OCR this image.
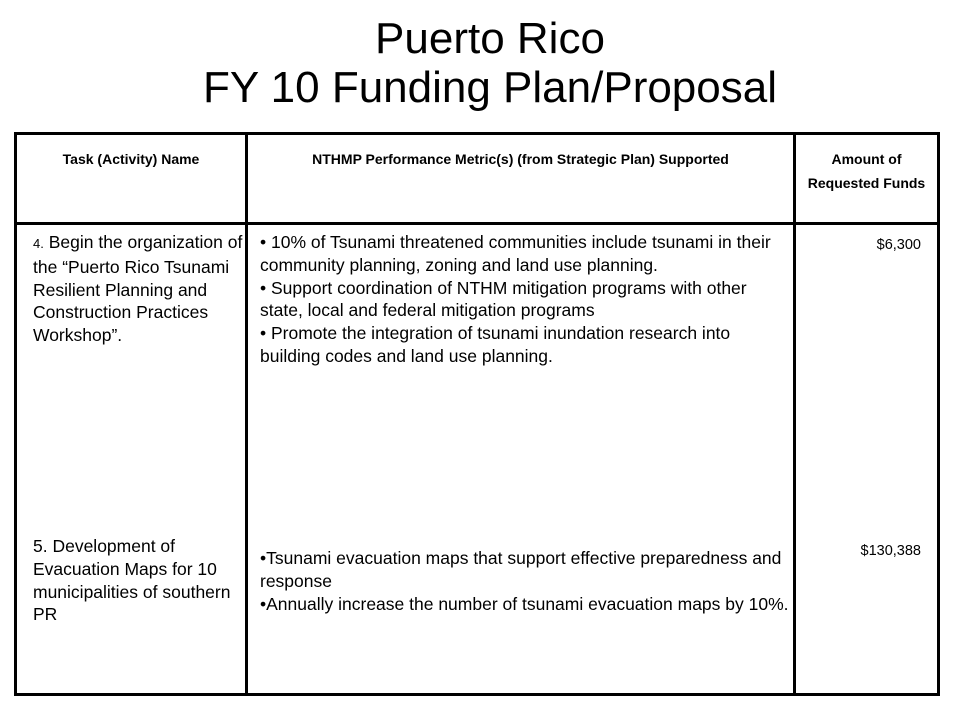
Puerto Rico
FY 10 Funding Plan/Proposal
Task (Activity) Name	NTHMP Performance Metric(s) (from Strategic Plan) Supported	Amount of Requested Funds
4. Begin the organization of the “Puerto Rico Tsunami Resilient Planning and Construction Practices Workshop”.
• 10% of Tsunami threatened communities include tsunami in their community planning, zoning and land use planning.
• Support coordination of NTHM mitigation programs with other state, local and federal mitigation programs
• Promote the integration of tsunami inundation research into building codes and land use planning.
$6,300
5. Development of Evacuation Maps for 10 municipalities of southern PR
•Tsunami evacuation maps that support effective preparedness and response
•Annually increase the number of tsunami evacuation maps by 10%.
$130,388
